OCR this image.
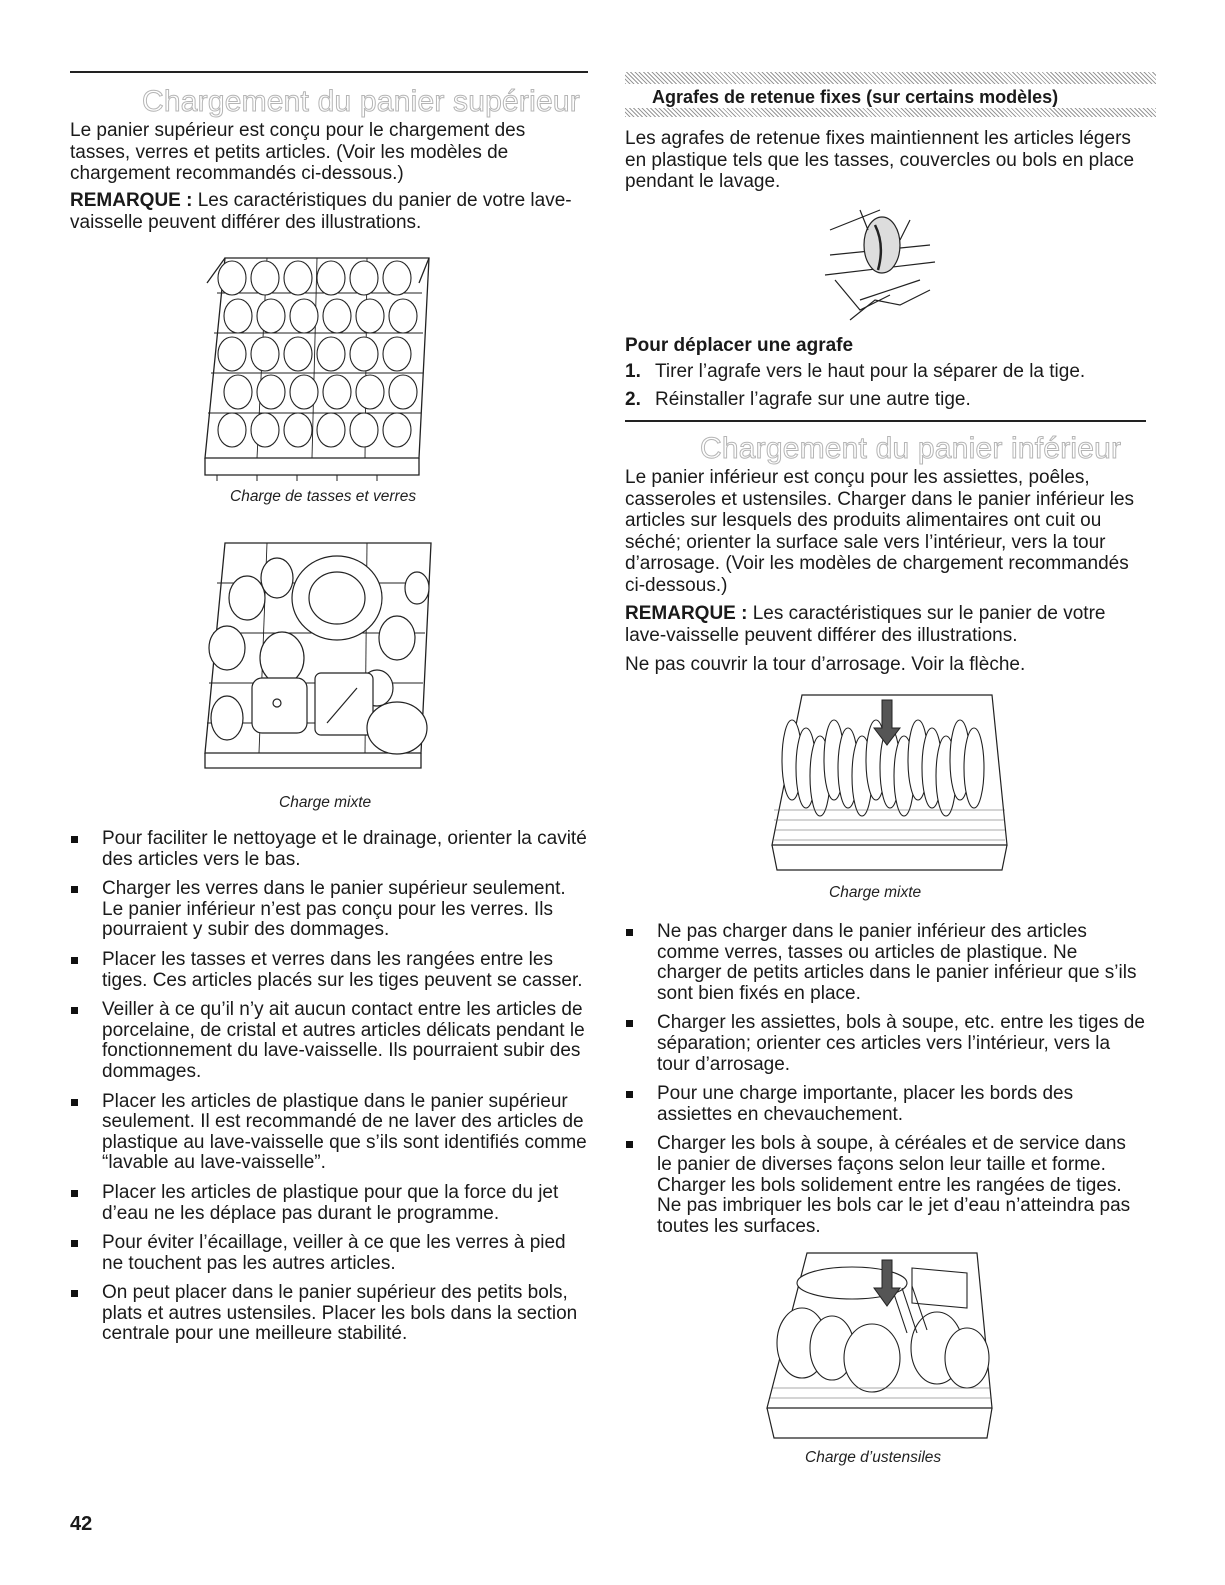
Chargement du panier supérieur
Le panier supérieur est conçu pour le chargement des tasses, verres et petits articles. (Voir les modèles de chargement recommandés ci-dessous.)
REMARQUE : Les caractéristiques du panier de votre lave-vaisselle peuvent différer des illustrations.
Charge de tasses et verres
Charge mixte
Pour faciliter le nettoyage et le drainage, orienter la cavité des articles vers le bas.
Charger les verres dans le panier supérieur seulement. Le panier inférieur n’est pas conçu pour les verres. Ils pourraient y subir des dommages.
Placer les tasses et verres dans les rangées entre les tiges. Ces articles placés sur les tiges peuvent se casser.
Veiller à ce qu’il n’y ait aucun contact entre les articles de porcelaine, de cristal et autres articles délicats pendant le fonctionnement du lave-vaisselle. Ils pourraient subir des dommages.
Placer les articles de plastique dans le panier supérieur seulement. Il est recommandé de ne laver des articles de plastique au lave-vaisselle que s’ils sont identifiés comme “lavable au lave-vaisselle”.
Placer les articles de plastique pour que la force du jet d’eau ne les déplace pas durant le programme.
Pour éviter l’écaillage, veiller à ce que les verres à pied ne touchent pas les autres articles.
On peut placer dans le panier supérieur des petits bols, plats et autres ustensiles. Placer les bols dans la section centrale pour une meilleure stabilité.
42
Agrafes de retenue fixes (sur certains modèles)
Les agrafes de retenue fixes maintiennent les articles légers en plastique tels que les tasses, couvercles ou bols en place pendant le lavage.
Pour déplacer une agrafe
1. Tirer l’agrafe vers le haut pour la séparer de la tige.
2. Réinstaller l’agrafe sur une autre tige.
Chargement du panier inférieur
Le panier inférieur est conçu pour les assiettes, poêles, casseroles et ustensiles. Charger dans le panier inférieur les articles sur lesquels des produits alimentaires ont cuit ou séché; orienter la surface sale vers l’intérieur, vers la tour d’arrosage. (Voir les modèles de chargement recommandés ci-dessous.)
REMARQUE : Les caractéristiques sur le panier de votre lave-vaisselle peuvent différer des illustrations.
Ne pas couvrir la tour d’arrosage. Voir la flèche.
Charge mixte
Ne pas charger dans le panier inférieur des articles comme verres, tasses ou articles de plastique. Ne charger de petits articles dans le panier inférieur que s’ils sont bien fixés en place.
Charger les assiettes, bols à soupe, etc. entre les tiges de séparation; orienter ces articles vers l’intérieur, vers la tour d’arrosage.
Pour une charge importante, placer les bords des assiettes en chevauchement.
Charger les bols à soupe, à céréales et de service dans le panier de diverses façons selon leur taille et forme. Charger les bols solidement entre les rangées de tiges. Ne pas imbriquer les bols car le jet d’eau n’atteindra pas toutes les surfaces.
Charge d’ustensiles
